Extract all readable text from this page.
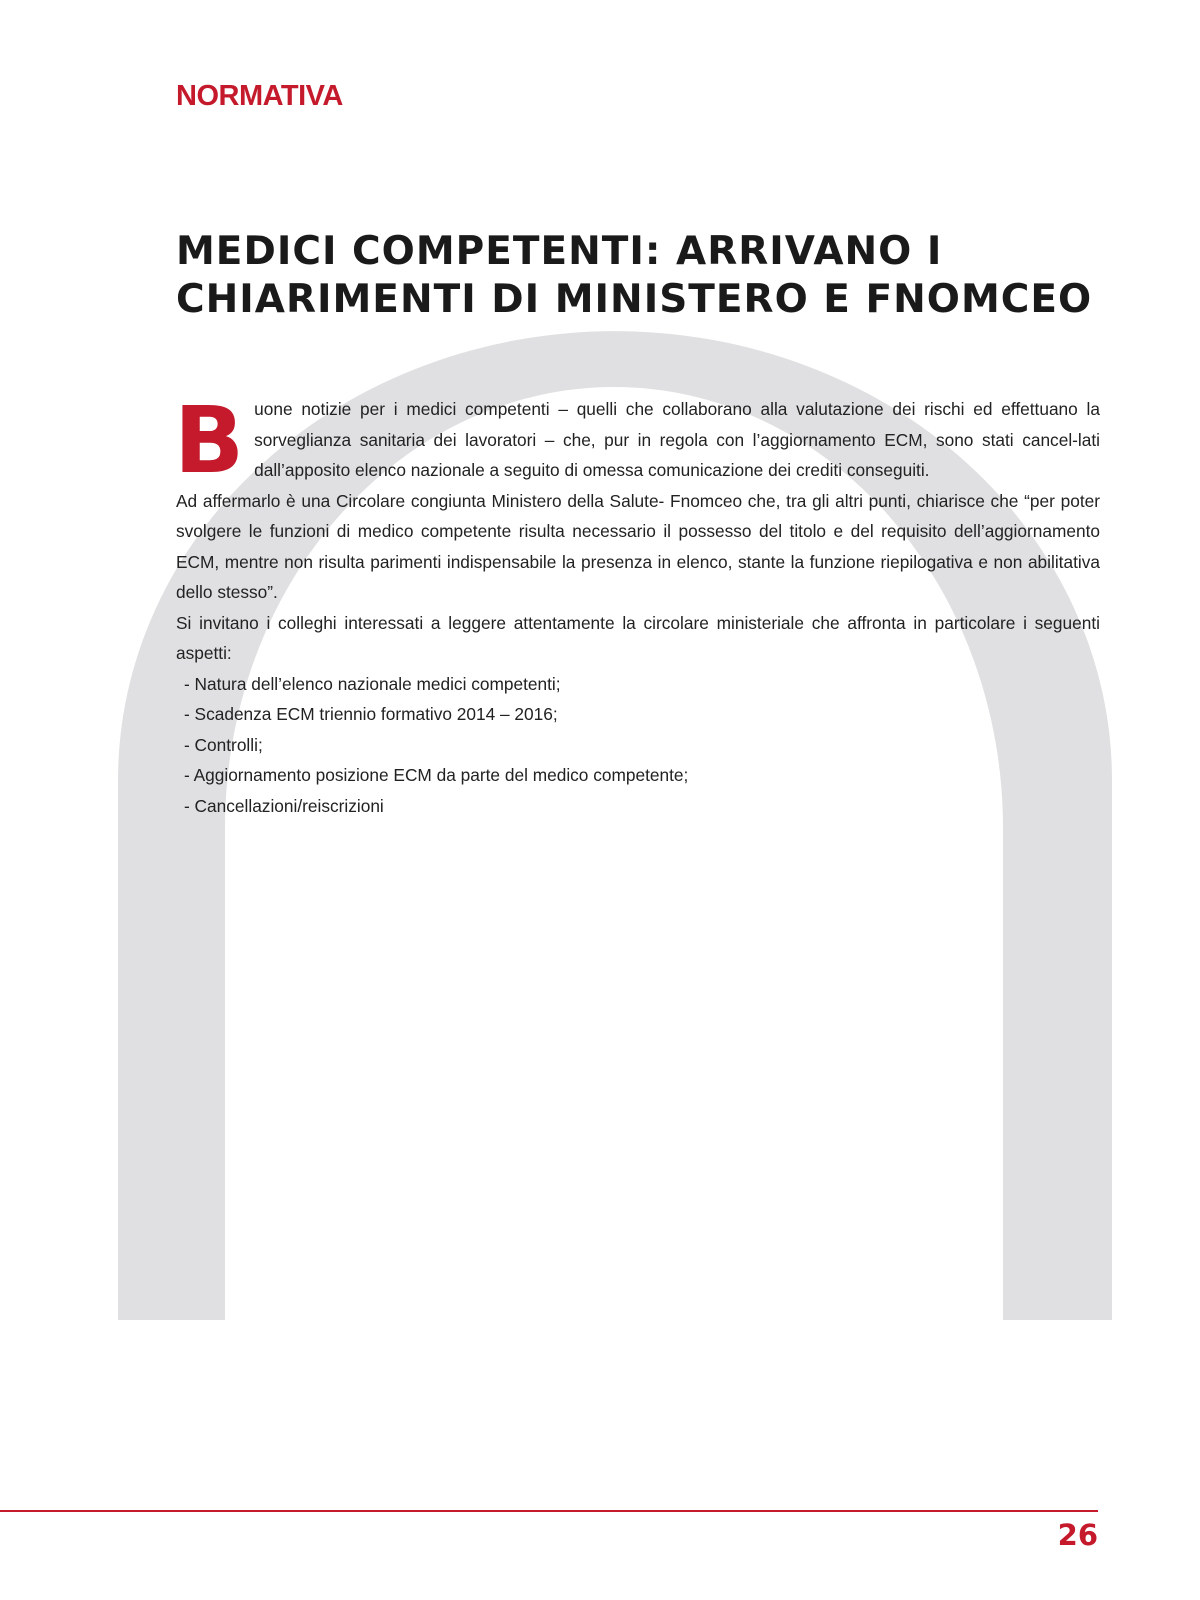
NORMATIVA
MEDICI COMPETENTI: ARRIVANO I
CHIARIMENTI DI MINISTERO E FNOMCEO

Buone notizie per i medici competenti – quelli che collaborano alla valutazione dei rischi ed effettuano la sorveglianza sanitaria dei lavoratori – che, pur in regola con l’aggiornamento ECM, sono stati cancel-lati dall’apposito elenco nazionale a seguito di omessa comunicazione dei crediti conseguiti.

Ad affermarlo è una Circolare congiunta Ministero della Salute- Fnomceo che, tra gli altri punti, chiarisce che “per poter svolgere le funzioni di medico competente risulta necessario il possesso del titolo e del requisito dell’aggiornamento ECM, mentre non risulta parimenti indispensabile la presenza in elenco, stante la funzione riepilogativa e non abilitativa dello stesso”.

Si invitano i colleghi interessati a leggere attentamente la circolare ministeriale che affronta in particolare i seguenti aspetti:

- Natura dell’elenco nazionale medici competenti;
- Scadenza ECM triennio formativo 2014 – 2016;
- Controlli;
- Aggiornamento posizione ECM da parte del medico competente;
- Cancellazioni/reiscrizioni
26
